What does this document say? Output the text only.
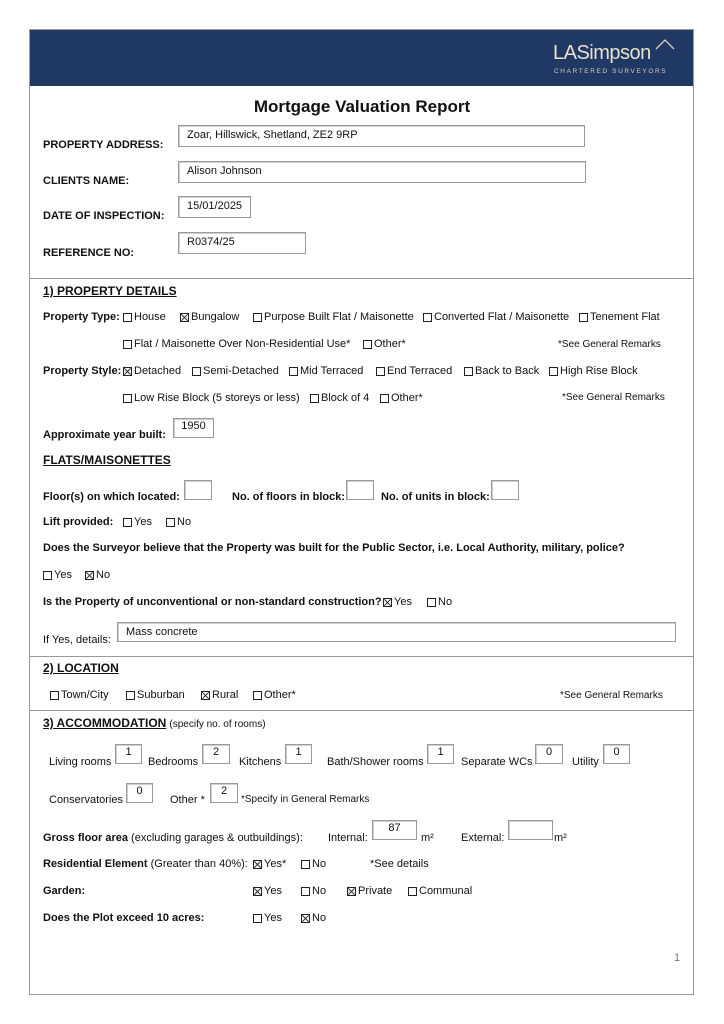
LASimpson
CHARTERED SURVEYORS
Mortgage Valuation Report
PROPERTY ADDRESS:
Zoar, Hillswick, Shetland, ZE2 9RP
CLIENTS NAME:
Alison Johnson
DATE OF INSPECTION:
15/01/2025
REFERENCE NO:
R0374/25
1) PROPERTY DETAILS
Property Type: House Bungalow Purpose Built Flat / Maisonette Converted Flat / Maisonette Tenement Flat
Flat / Maisonette Over Non-Residential Use* Other*	*See General Remarks
Property Style: Detached Semi-Detached Mid Terraced End Terraced Back to Back High Rise Block
Low Rise Block (5 storeys or less) Block of 4 Other*	*See General Remarks
Approximate year built:
1950
FLATS/MAISONETTES
Floor(s) on which located:	No. of floors in block:	No. of units in block:
Lift provided: Yes No
Does the Surveyor believe that the Property was built for the Public Sector, i.e. Local Authority, military, police?
Yes No
Is the Property of unconventional or non-standard construction? Yes No
If Yes, details:
Mass concrete
2) LOCATION
Town/City	Suburban Rural Other*	*See General Remarks
3) ACCOMMODATION (specify no. of rooms)
Living rooms
1
Bedrooms
2
Kitchens
1
Bath/Shower rooms
1
Separate WCs
0
Utility
0
Conservatories
0
Other *
2
*Specify in General Remarks
Gross floor area (excluding garages & outbuildings): Internal:
87
m² External:	m²
Residential Element (Greater than 40%): Yes* No	*See details
Garden:	Yes	No	Private Communal
Does the Plot exceed 10 acres:	Yes	No
1
